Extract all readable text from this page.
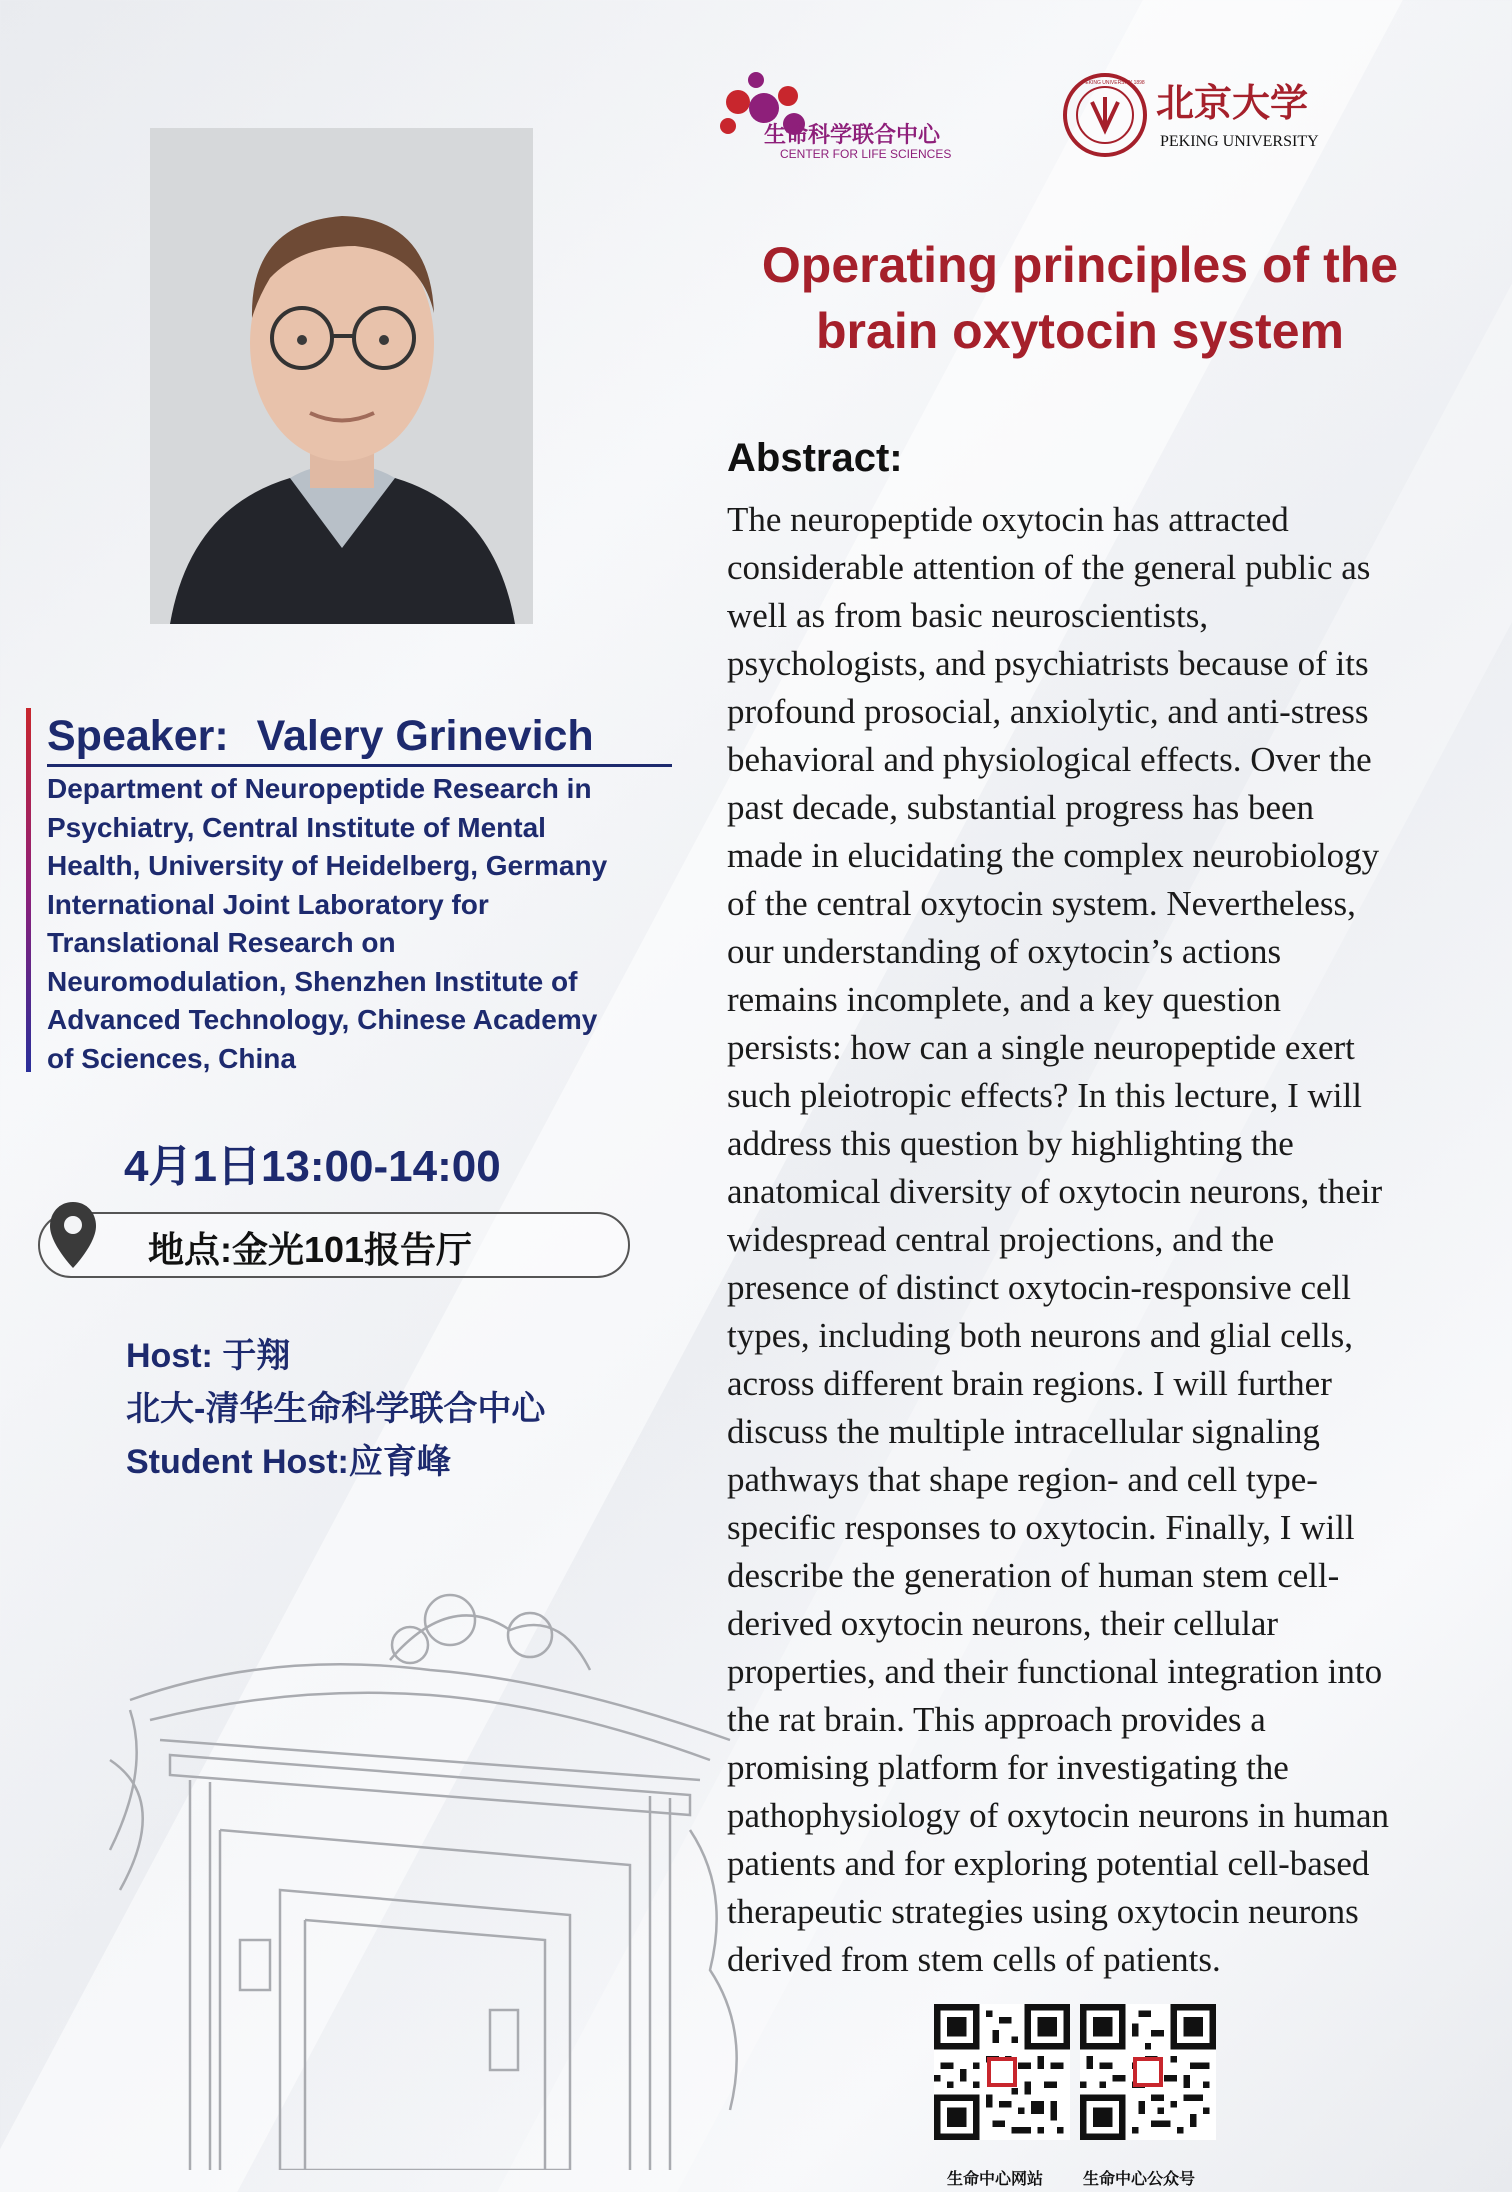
生命科学联合中心
CENTER FOR LIFE SCIENCES
PEKING UNIVERSITY 1898 北京大学
PEKING UNIVERSITY
Operating principles of the
brain oxytocin system
Abstract:
The neuropeptide oxytocin has attracted
considerable attention of the general public as
well as from basic neuroscientists,
psychologists, and psychiatrists because of its
profound prosocial, anxiolytic, and anti-stress
behavioral and physiological effects. Over the
past decade, substantial progress has been
made in elucidating the complex neurobiology
of the central oxytocin system. Nevertheless,
our understanding of oxytocin’s actions
remains incomplete, and a key question
persists: how can a single neuropeptide exert
such pleiotropic effects? In this lecture, I will
address this question by highlighting the
anatomical diversity of oxytocin neurons, their
widespread central projections, and the
presence of distinct oxytocin-responsive cell
types, including both neurons and glial cells,
across different brain regions. I will further
discuss the multiple intracellular signaling
pathways that shape region- and cell type-
specific responses to oxytocin. Finally, I will
describe the generation of human stem cell-
derived oxytocin neurons, their cellular
properties, and their functional integration into
the rat brain. This approach provides a
promising platform for investigating the
pathophysiology of oxytocin neurons in human
patients and for exploring potential cell-based
therapeutic strategies using oxytocin neurons
derived from stem cells of patients.
Speaker: Valery Grinevich
Department of Neuropeptide Research in
Psychiatry, Central Institute of Mental
Health, University of Heidelberg, Germany
International Joint Laboratory for
Translational Research on
Neuromodulation, Shenzhen Institute of
Advanced Technology, Chinese Academy
of Sciences, China
4月1日13:00-14:00
地点:金光101报告厅
Host: 于翔
北大-清华生命科学联合中心
Student Host:应育峰
生命中心网站 生命中心公众号
